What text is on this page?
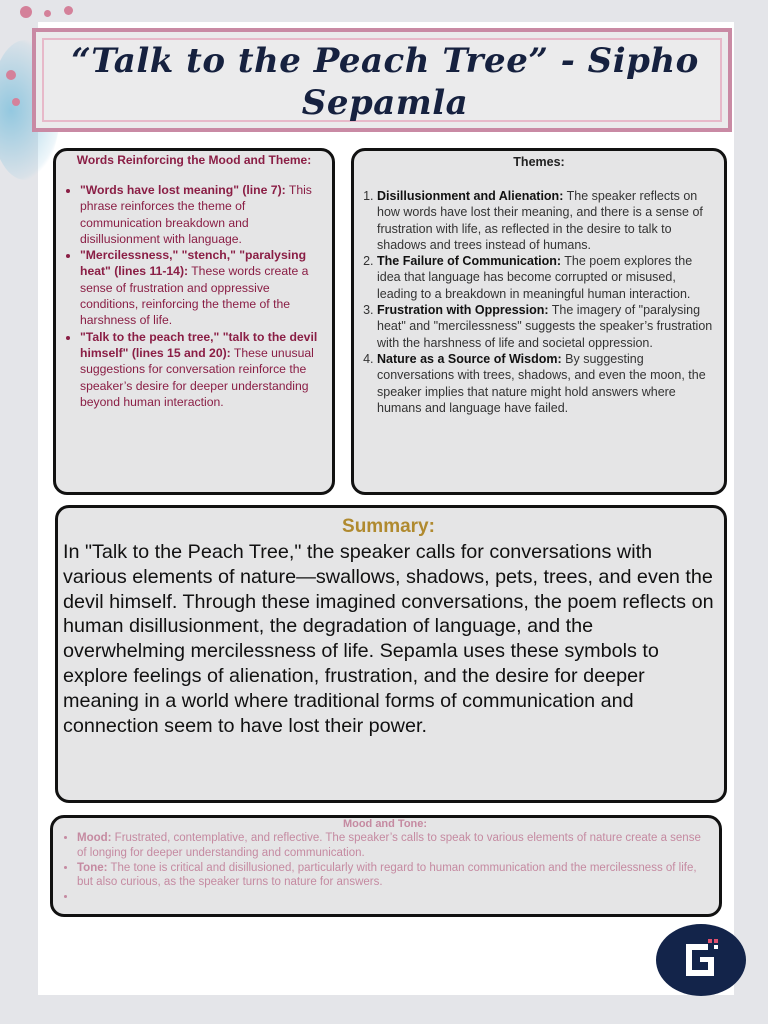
“Talk to the Peach Tree” - Sipho Sepamla
Words Reinforcing the Mood and Theme:
• "Words have lost meaning" (line 7): This phrase reinforces the theme of communication breakdown and disillusionment with language.
• "Mercilessness," "stench," "paralysing heat" (lines 11-14): These words create a sense of frustration and oppressive conditions, reinforcing the theme of the harshness of life.
• "Talk to the peach tree," "talk to the devil himself" (lines 15 and 20): These unusual suggestions for conversation reinforce the speaker’s desire for deeper understanding beyond human interaction.
Themes:
1. Disillusionment and Alienation: The speaker reflects on how words have lost their meaning, and there is a sense of frustration with life, as reflected in the desire to talk to shadows and trees instead of humans.
2. The Failure of Communication: The poem explores the idea that language has become corrupted or misused, leading to a breakdown in meaningful human interaction.
3. Frustration with Oppression: The imagery of "paralysing heat" and "mercilessness" suggests the speaker’s frustration with the harshness of life and societal oppression.
4. Nature as a Source of Wisdom: By suggesting conversations with trees, shadows, and even the moon, the speaker implies that nature might hold answers where humans and language have failed.
Summary:
In "Talk to the Peach Tree," the speaker calls for conversations with various elements of nature—swallows, shadows, pets, trees, and even the devil himself. Through these imagined conversations, the poem reflects on human disillusionment, the degradation of language, and the overwhelming mercilessness of life. Sepamla uses these symbols to explore feelings of alienation, frustration, and the desire for deeper meaning in a world where traditional forms of communication and connection seem to have lost their power.
Mood and Tone:
• Mood: Frustrated, contemplative, and reflective. The speaker’s calls to speak to various elements of nature create a sense of longing for deeper understanding and communication.
• Tone: The tone is critical and disillusioned, particularly with regard to human communication and the mercilessness of life, but also curious, as the speaker turns to nature for answers.
•
